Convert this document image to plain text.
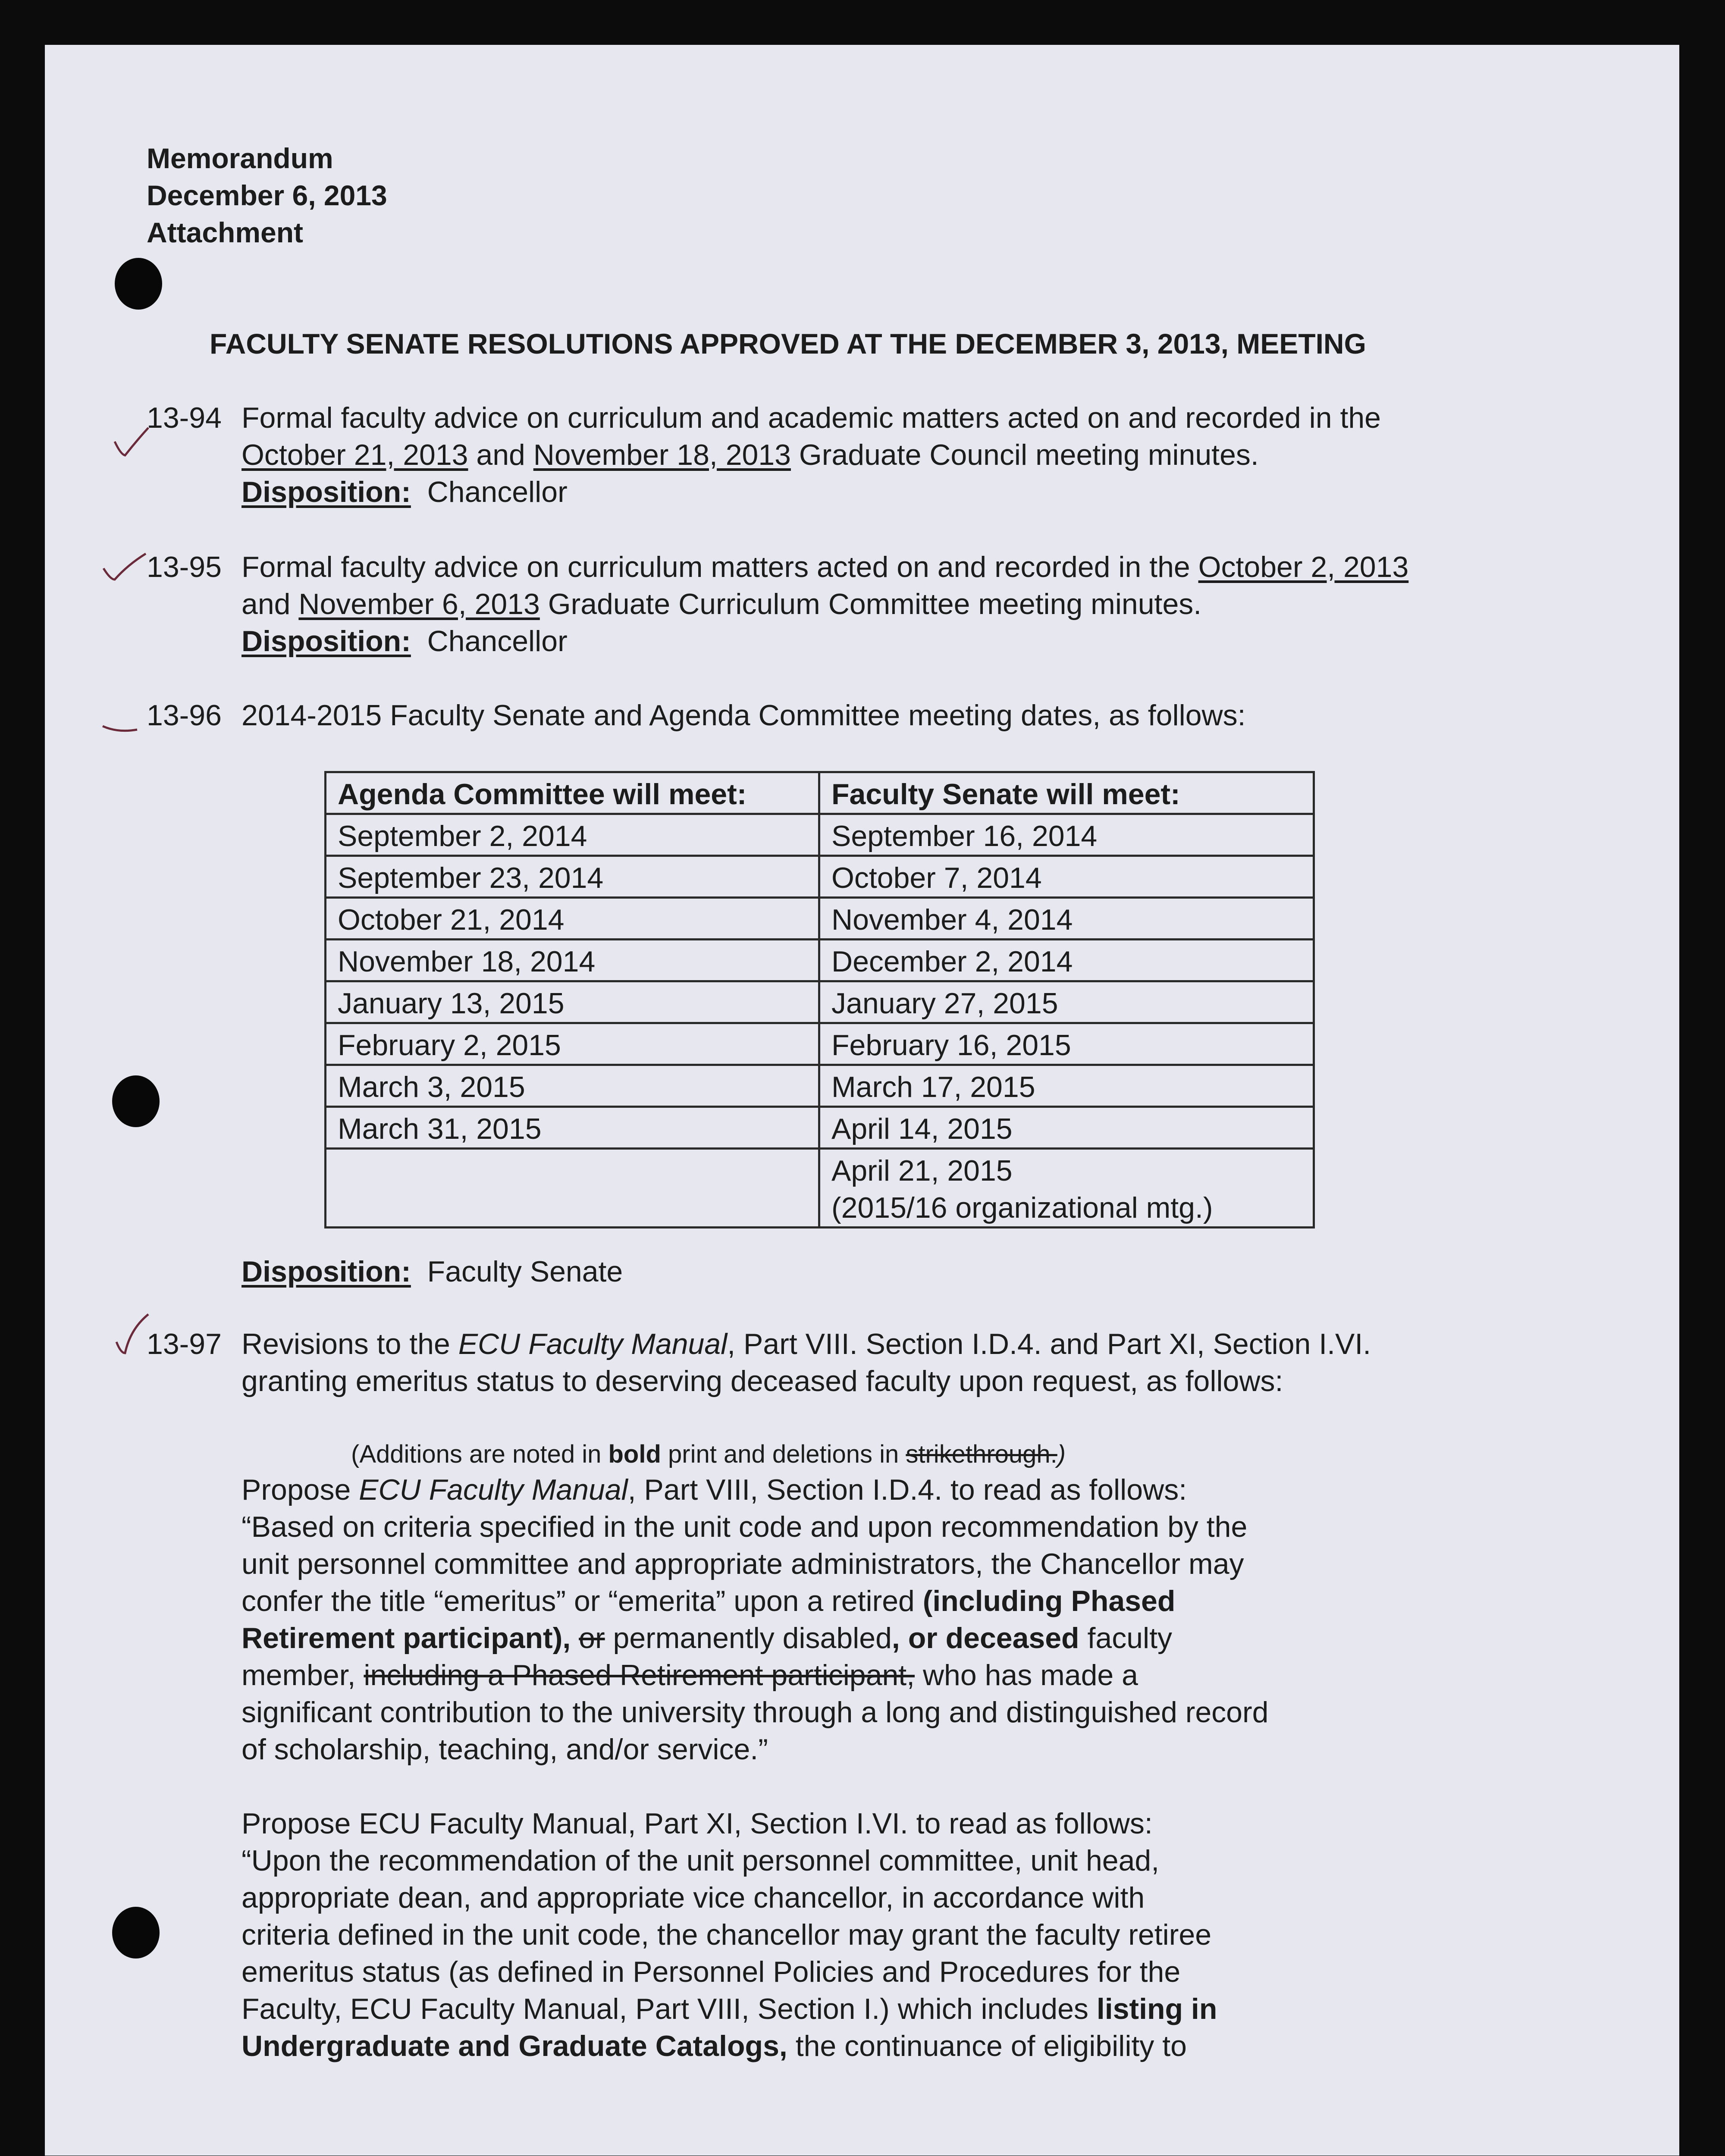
Memorandum
December 6, 2013
Attachment
FACULTY SENATE RESOLUTIONS APPROVED AT THE DECEMBER 3, 2013, MEETING
13-94 Formal faculty advice on curriculum and academic matters acted on and recorded in the
October 21, 2013 and November 18, 2013 Graduate Council meeting minutes.
Disposition: Chancellor
13-95 Formal faculty advice on curriculum matters acted on and recorded in the October 2, 2013
and November 6, 2013 Graduate Curriculum Committee meeting minutes.
Disposition: Chancellor
13-96 2014-2015 Faculty Senate and Agenda Committee meeting dates, as follows:
Agenda Committee will meet:	Faculty Senate will meet:
September 2, 2014	September 16, 2014
September 23, 2014	October 7, 2014
October 21, 2014	November 4, 2014
November 18, 2014	December 2, 2014
January 13, 2015	January 27, 2015
February 2, 2015	February 16, 2015
March 3, 2015	March 17, 2015
March 31, 2015	April 14, 2015

	April 21, 2015
(2015/16 organizational mtg.)
Disposition: Faculty Senate
13-97 Revisions to the ECU Faculty Manual, Part VIII. Section I.D.4. and Part XI, Section I.VI.
granting emeritus status to deserving deceased faculty upon request, as follows:
(Additions are noted in bold print and deletions in strikethrough.)
Propose ECU Faculty Manual, Part VIII, Section I.D.4. to read as follows:
“Based on criteria specified in the unit code and upon recommendation by the
unit personnel committee and appropriate administrators, the Chancellor may
confer the title “emeritus” or “emerita” upon a retired (including Phased
Retirement participant), or permanently disabled, or deceased faculty
member, including a Phased Retirement participant, who has made a
significant contribution to the university through a long and distinguished record
of scholarship, teaching, and/or service.”
Propose ECU Faculty Manual, Part XI, Section I.VI. to read as follows:
“Upon the recommendation of the unit personnel committee, unit head,
appropriate dean, and appropriate vice chancellor, in accordance with
criteria defined in the unit code, the chancellor may grant the faculty retiree
emeritus status (as defined in Personnel Policies and Procedures for the
Faculty, ECU Faculty Manual, Part VIII, Section I.) which includes listing in
Undergraduate and Graduate Catalogs, the continuance of eligibility to
